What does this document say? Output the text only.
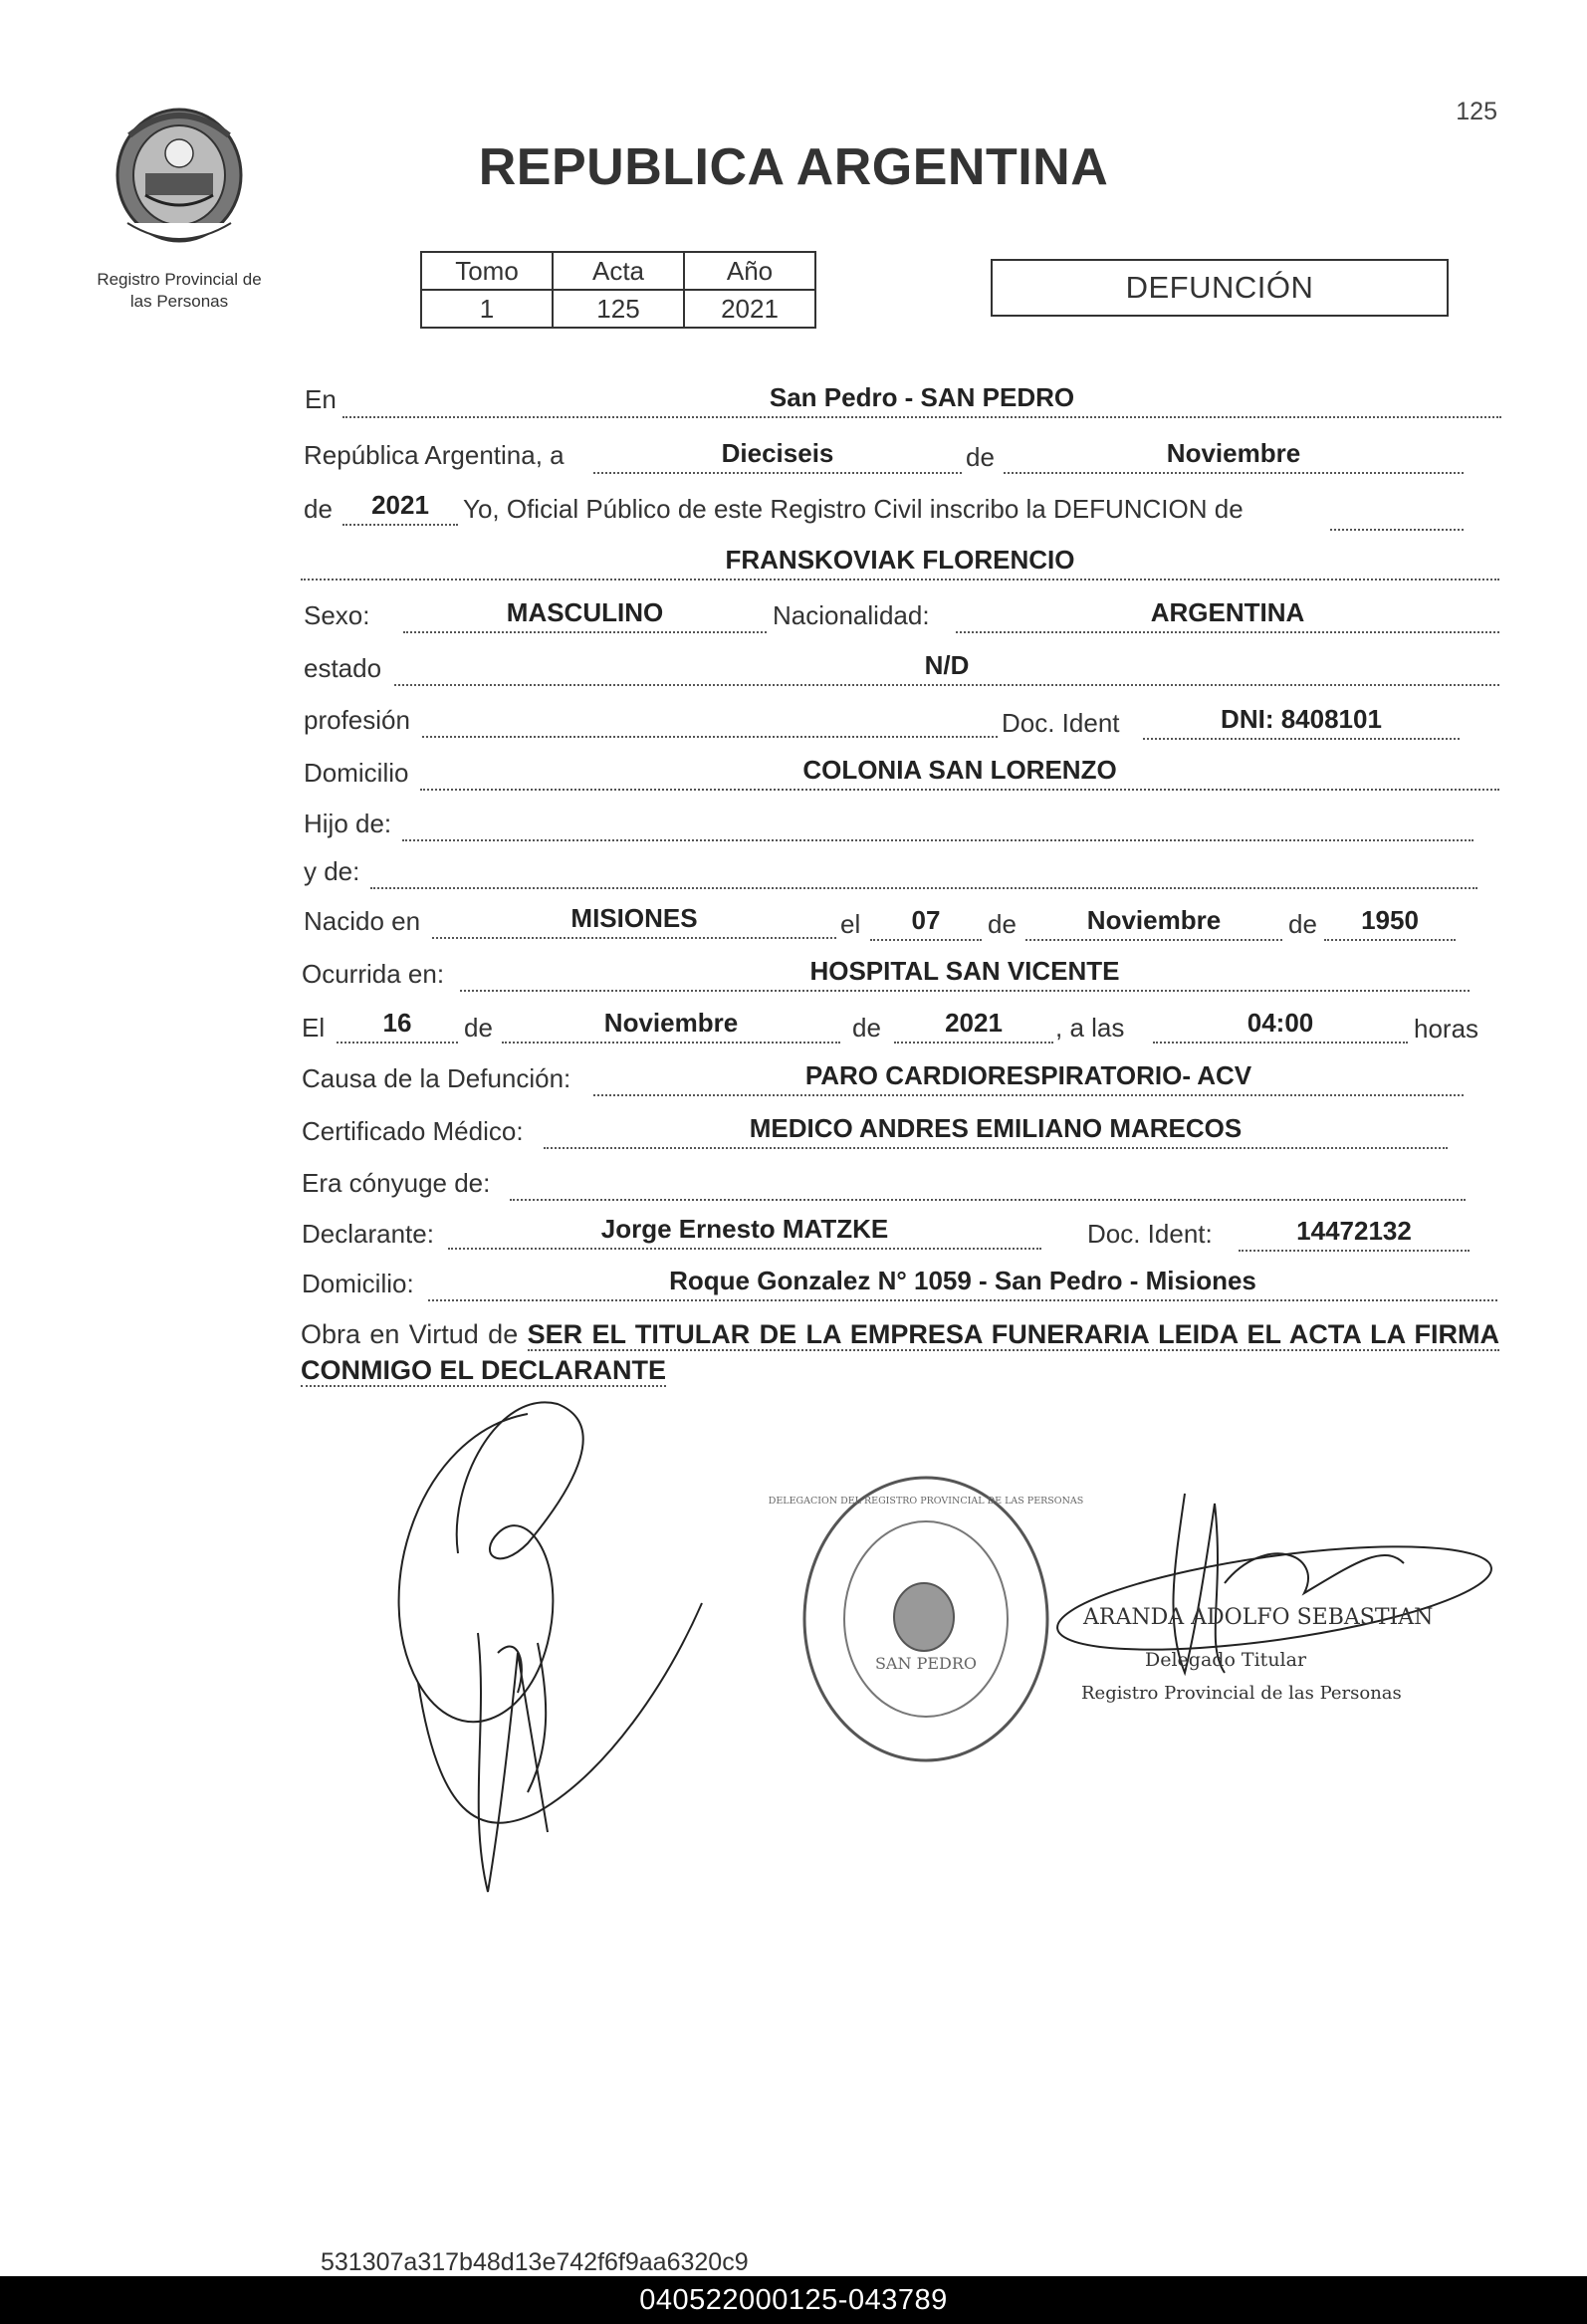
125
Registro Provincial de
las Personas
REPUBLICA ARGENTINA
Tomo	Acta	Año
1	125	2021
DEFUNCIÓN
En	San Pedro - SAN PEDRO
República Argentina, a	Dieciseis	de	Noviembre
de	2021	Yo, Oficial Público de este Registro Civil inscribo la DEFUNCION de
FRANSKOVIAK FLORENCIO
Sexo:	MASCULINO	Nacionalidad:	ARGENTINA
estado	N/D
profesión	Doc. Ident	DNI: 8408101
Domicilio	COLONIA SAN LORENZO
Hijo de:
y de:
Nacido en	MISIONES	el	07	de	Noviembre	de	1950
Ocurrida en:	HOSPITAL SAN VICENTE
El	16	de	Noviembre	de	2021	, a las	04:00	horas
Causa de la Defunción:	PARO CARDIORESPIRATORIO- ACV
Certificado Médico:	MEDICO ANDRES EMILIANO MARECOS
Era cónyuge de:
Declarante:	Jorge Ernesto MATZKE	Doc. Ident:	14472132
Domicilio:	Roque Gonzalez N° 1059 - San Pedro - Misiones
Obra en Virtud de SER EL TITULAR DE LA EMPRESA FUNERARIA LEIDA EL ACTA LA FIRMA CONMIGO EL DECLARANTE
SAN PEDRO
DELEGACION DEL REGISTRO PROVINCIAL DE LAS PERSONAS
ARANDA ADOLFO SEBASTIAN
Delegado Titular
Registro Provincial de las Personas
531307a317b48d13e742f6f9aa6320c9
040522000125-043789
